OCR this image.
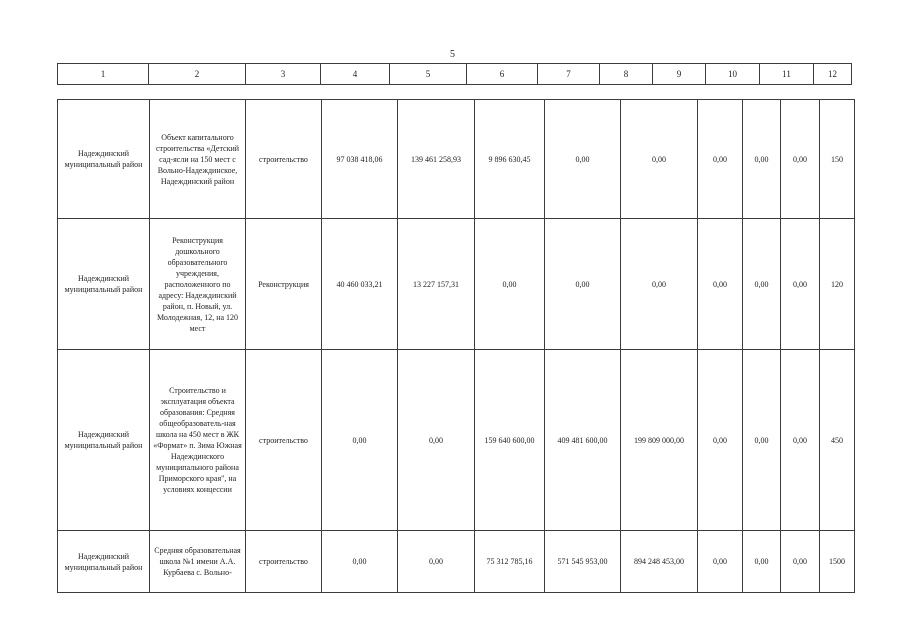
5
1	2	3	4	5	6	7	8	9	10	11	12
Надеждинский муниципальный район	Объект капитального строительства «Детский сад-ясли на 150 мест с Вольно-Надеждинское, Надеждинский район	строительство	97 038 418,06	139 461 258,93	9 896 630,45	0,00	0,00	0,00	0,00	0,00	150
Надеждинский муниципальный район	Реконструкция дошкольного образовательного учреждения, расположенного по адресу: Надеждинский район, п. Новый, ул. Молодежная, 12, на 120 мест	Реконструкция	40 460 033,21	13 227 157,31	0,00	0,00	0,00	0,00	0,00	0,00	120
Надеждинский муниципальный район	Строительство и эксплуатация объекта образования: Средняя общеобразователь-ная школа на 450 мест в ЖК «Формат» п. Зима Южная Надеждинского муниципального района Приморского края", на условиях концессии	строительство	0,00	0,00	159 640 600,00	409 481 600,00	199 809 000,00	0,00	0,00	0,00	450
Надеждинский муниципальный район	Средняя образовательная школа №1 имени А.А. Курбаева с. Вольно-	строительство	0,00	0,00	75 312 785,16	571 545 953,00	894 248 453,00	0,00	0,00	0,00	1500
